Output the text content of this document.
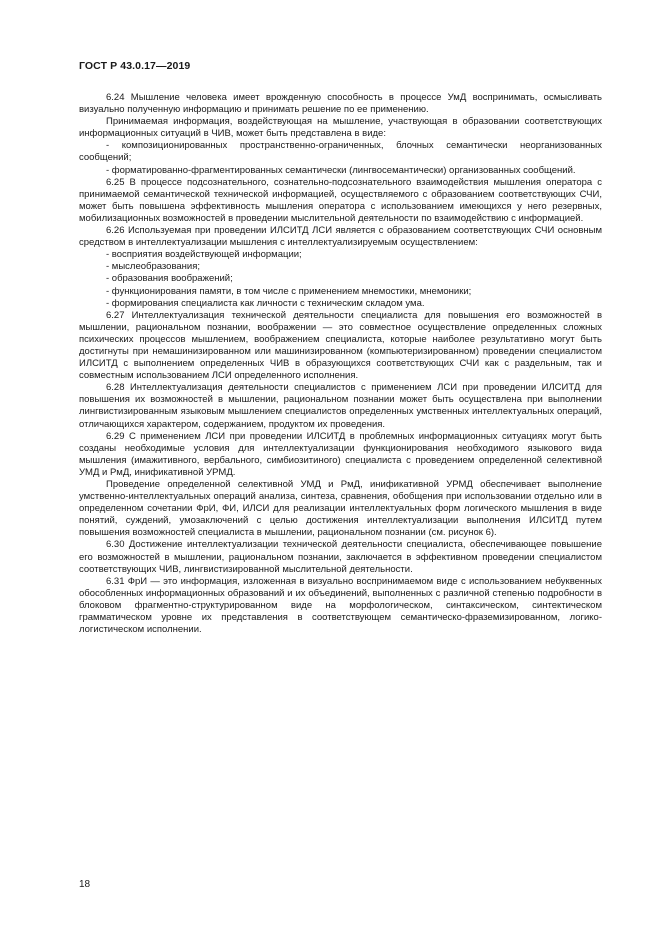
ГОСТ Р 43.0.17—2019

6.24 Мышление человека имеет врожденную способность в процессе УмД воспринимать, осмысливать визуально полученную информацию и принимать решение по ее применению.

Принимаемая информация, воздействующая на мышление, участвующая в образовании соответствующих информационных ситуаций в ЧИВ, может быть представлена в виде:

- композиционированных пространственно-ограниченных, блочных семантически неорганизованных сообщений;

- форматированно-фрагментированных семантически (лингвосемантически) организованных сообщений.

6.25 В процессе подсознательного, сознательно-подсознательного взаимодействия мышления оператора с принимаемой семантической технической информацией, осуществляемого с образованием соответствующих СЧИ, может быть повышена эффективность мышления оператора с использованием имеющихся у него резервных, мобилизационных возможностей в проведении мыслительной деятельности по взаимодействию с информацией.

6.26 Используемая при проведении ИЛСИТД ЛСИ является с образованием соответствующих СЧИ основным средством в интеллектуализации мышления с интеллектуализируемым осуществлением:

- восприятия воздействующей информации;

- мыслеобразования;

- образования воображений;

- функционирования памяти, в том числе с применением мнемостики, мнемоники;

- формирования специалиста как личности с техническим складом ума.

6.27 Интеллектуализация технической деятельности специалиста для повышения его возможностей в мышлении, рациональном познании, воображении — это совместное осуществление определенных сложных психических процессов мышлением, воображением специалиста, которые наиболее результативно могут быть достигнуты при немашинизированном или машинизированном (компьютеризированном) проведении специалистом ИЛСИТД с выполнением определенных ЧИВ в образующихся соответствующих СЧИ как с раздельным, так и совместным использованием ЛСИ определенного исполнения.

6.28 Интеллектуализация деятельности специалистов с применением ЛСИ при проведении ИЛСИТД для повышения их возможностей в мышлении, рациональном познании может быть осуществлена при выполнении лингвистизированным языковым мышлением специалистов определенных умственных интеллектуальных операций, отличающихся характером, содержанием, продуктом их проведения.

6.29 С применением ЛСИ при проведении ИЛСИТД в проблемных информационных ситуациях могут быть созданы необходимые условия для интеллектуализации функционирования необходимого языкового вида мышления (имажитивного, вербального, симбиозитиного) специалиста с проведением определенной селективной УМД и РмД, инификативной УРМД.

Проведение определенной селективной УМД и РмД, инификативной УРМД обеспечивает выполнение умственно-интеллектуальных операций анализа, синтеза, сравнения, обобщения при использовании отдельно или в определенном сочетании ФрИ, ФИ, ИЛСИ для реализации интеллектуальных форм логического мышления в виде понятий, суждений, умозаключений с целью достижения интеллектуализации выполнения ИЛСИТД путем повышения возможностей специалиста в мышлении, рациональном познании (см. рисунок 6).

6.30 Достижение интеллектуализации технической деятельности специалиста, обеспечивающее повышение его возможностей в мышлении, рациональном познании, заключается в эффективном проведении специалистом соответствующих ЧИВ, лингвистизированной мыслительной деятельности.

6.31 ФрИ — это информация, изложенная в визуально воспринимаемом виде с использованием небуквенных обособленных информационных образований и их объединений, выполненных с различной степенью подробности в блоковом фрагментно-структурированном виде на морфологическом, синтаксическом, синтектическом грамматическом уровне их представления в соответствующем семантическо-фраземизированном, логико-логистическом исполнении.

18
